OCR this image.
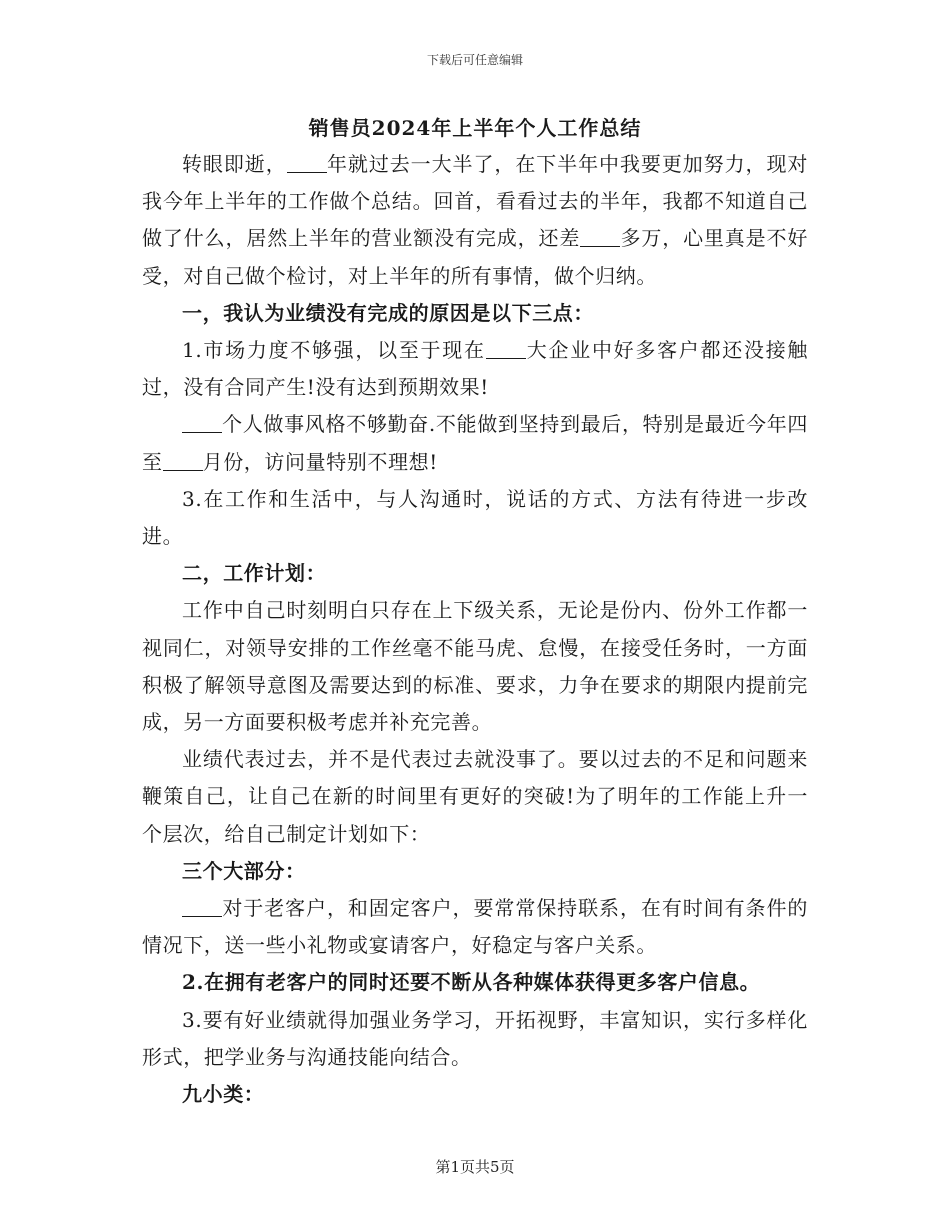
下载后可任意编辑
销售员2024年上半年个人工作总结

转眼即逝， 年就过去一大半了，在下半年中我要更加努力，现对我今年上半年的工作做个总结。回首，看看过去的半年，我都不知道自己做了什么，居然上半年的营业额没有完成，还差 多万，心里真是不好受，对自己做个检讨，对上半年的所有事情，做个归纳。

一，我认为业绩没有完成的原因是以下三点：

1.市场力度不够强，以至于现在 大企业中好多客户都还没接触过，没有合同产生!没有达到预期效果!

个人做事风格不够勤奋.不能做到坚持到最后，特别是最近今年四至 月份，访问量特别不理想!

3.在工作和生活中，与人沟通时，说话的方式、方法有待进一步改进。

二，工作计划：

工作中自己时刻明白只存在上下级关系，无论是份内、份外工作都一视同仁，对领导安排的工作丝毫不能马虎、怠慢，在接受任务时，一方面积极了解领导意图及需要达到的标准、要求，力争在要求的期限内提前完成，另一方面要积极考虑并补充完善。

业绩代表过去，并不是代表过去就没事了。要以过去的不足和问题来鞭策自己，让自己在新的时间里有更好的突破!为了明年的工作能上升一个层次，给自己制定计划如下：

三个大部分：

对于老客户，和固定客户，要常常保持联系，在有时间有条件的情况下，送一些小礼物或宴请客户，好稳定与客户关系。

2.在拥有老客户的同时还要不断从各种媒体获得更多客户信息。

3.要有好业绩就得加强业务学习，开拓视野，丰富知识，实行多样化形式，把学业务与沟通技能向结合。

九小类：

第1页共5页
